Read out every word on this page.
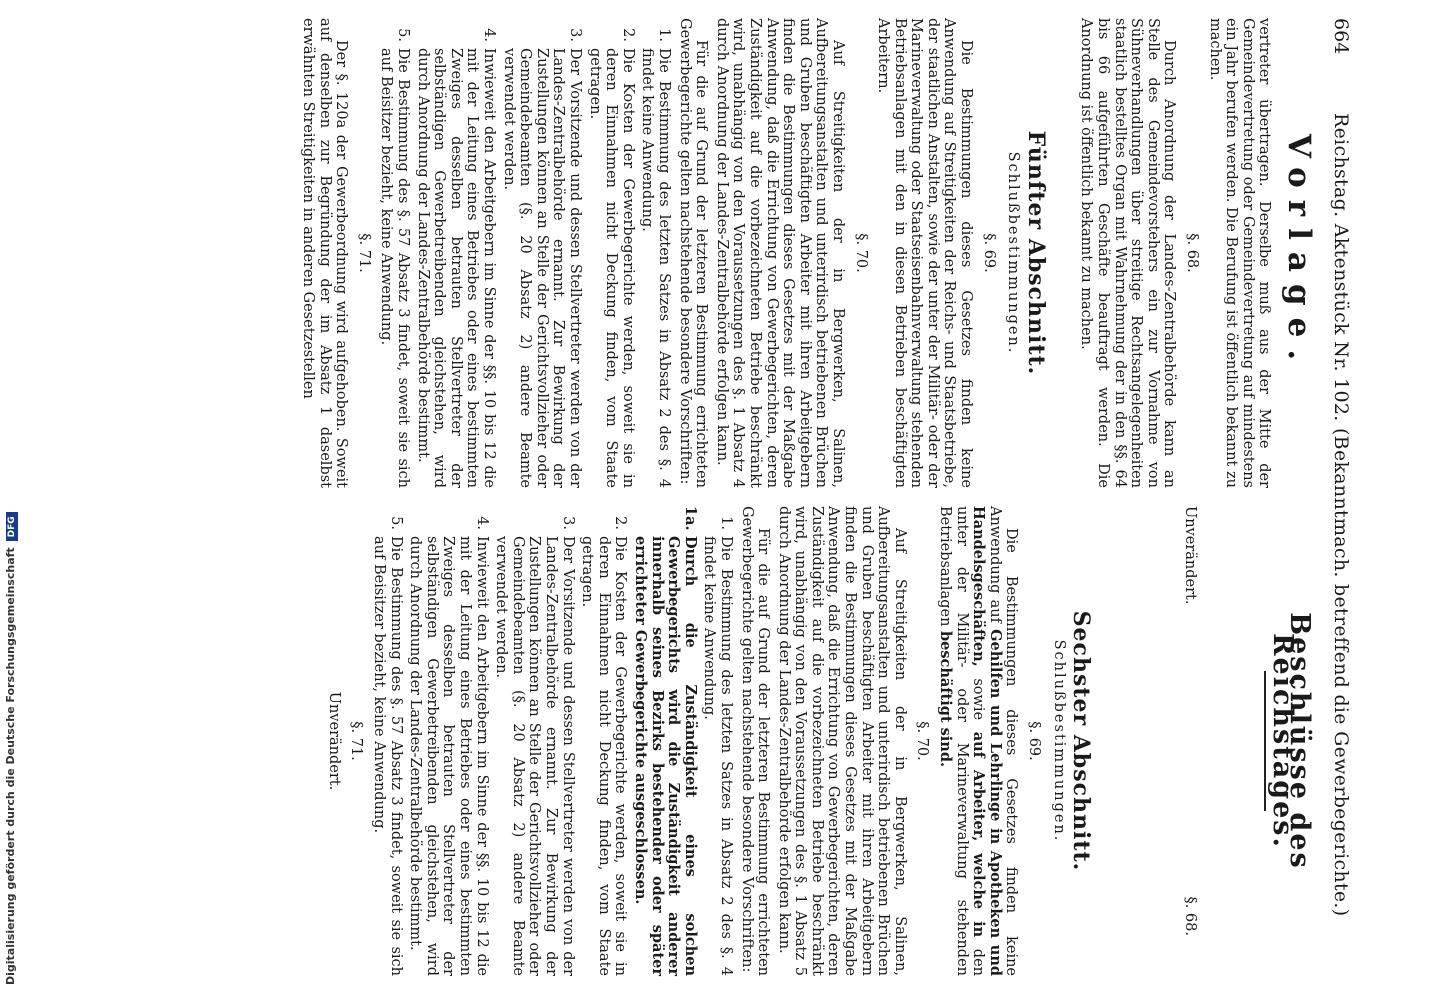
664
Reichstag. Aktenstück Nr. 102. (Bekanntmach. betreffend die Gewerbegerichte.)
Vorlage.

vertreter übertragen. Derselbe muß aus der Mitte der Gemeindevertretung oder Gemeindevertretung auf mindestens ein Jahr berufen werden. Die Berufung ist öffentlich bekannt zu machen.

§. 68.

Durch Anordnung der Landes-Zentralbehörde kann an Stelle des Gemeindevorstehers ein zur Vornahme von Sühneverhandlungen über streitige Rechtsangelegenheiten staatlich bestelltes Organ mit Wahrnehmung der in den §§. 64 bis 66 aufgeführten Geschäfte beauftragt werden. Die Anordnung ist öffentlich bekannt zu machen.

Fünfter Abschnitt.
Schlußbestimmungen.
§. 69.

Die Bestimmungen dieses Gesetzes finden keine Anwendung auf Streitigkeiten der Reichs- und Staatsbetriebe, der staatlichen Anstalten, sowie der unter der Militär- oder der Marineverwaltung oder Staatseisenbahnverwaltung stehenden Betriebsanlagen mit den in diesen Betrieben beschäftigten Arbeitern.

§. 70.

Auf Streitigkeiten der in Bergwerken, Salinen, Aufbereitungsanstalten und unterirdisch betriebenen Brüchen und Gruben beschäftigten Arbeiter mit ihren Arbeitgebern finden die Bestimmungen dieses Gesetzes mit der Maßgabe Anwendung, daß die Errichtung von Gewerbegerichten, deren Zuständigkeit auf die vorbezeichneten Betriebe beschränkt wird, unabhängig von den Voraussetzungen des §. 1 Absatz 4 durch Anordnung der Landes-Zentralbehörde erfolgen kann.

Für die auf Grund der letzteren Bestimmung errichteten Gewerbegerichte gelten nachstehende besondere Vorschriften:

1.
Die Bestimmung des letzten Satzes in Absatz 2 des §. 4 findet keine Anwendung.
2.
Die Kosten der Gewerbegerichte werden, soweit sie in deren Einnahmen nicht Deckung finden, vom Staate getragen.
3.
Der Vorsitzende und dessen Stellvertreter werden von der Landes-Zentralbehörde ernannt. Zur Bewirkung der Zustellungen können an Stelle der Gerichtsvollzieher oder Gemeindebeamten (§. 20 Absatz 2) andere Beamte verwendet werden.
4.
Inwieweit den Arbeitgebern im Sinne der §§. 10 bis 12 die mit der Leitung eines Betriebes oder eines bestimmten Zweiges desselben betrauten Stellvertreter der selbständigen Gewerbetreibenden gleichstehen, wird durch Anordnung der Landes-Zentralbehörde bestimmt.
5.
Die Bestimmung des §. 57 Absatz 3 findet, soweit sie sich auf Beisitzer bezieht, keine Anwendung.
§. 71.

Der §. 120a der Gewerbeordnung wird aufgehoben. Soweit auf denselben zur Begründung der im Absatz 1 daselbst erwähnten Streitigkeiten in anderen Gesetzestellen

Beschlüsse des Reichstages.
Unverändert.
§. 68.
Sechster Abschnitt.
Schlußbestimmungen.
§. 69.

Die Bestimmungen dieses Gesetzes finden keine Anwendung auf Gehilfen und Lehrlinge in Apotheken und Handelsgeschäften, sowie auf Arbeiter, welche in den unter der Militär- oder Marineverwaltung stehenden Betriebsanlagen beschäftigt sind.

§. 70.

Auf Streitigkeiten der in Bergwerken, Salinen, Aufbereitungsanstalten und unterirdisch betriebenen Brüchen und Gruben beschäftigten Arbeiter mit ihren Arbeitgebern finden die Bestimmungen dieses Gesetzes mit der Maßgabe Anwendung, daß die Errichtung von Gewerbegerichten, deren Zuständigkeit auf die vorbezeichneten Betriebe beschränkt wird, unabhängig von den Voraussetzungen des §. 1 Absatz 5 durch Anordnung der Landes-Zentralbehörde erfolgen kann.

Für die auf Grund der letzteren Bestimmung errichteten Gewerbegerichte gelten nachstehende besondere Vorschriften:

1.
Die Bestimmung des letzten Satzes in Absatz 2 des §. 4 findet keine Anwendung.
1a.
Durch die Zuständigkeit eines solchen Gewerbegerichts wird die Zuständigkeit anderer innerhalb seines Bezirks bestehender oder später errichteter Gewerbegerichte ausgeschlossen.
2.
Die Kosten der Gewerbegerichte werden, soweit sie in deren Einnahmen nicht Deckung finden, vom Staate getragen.
3.
Der Vorsitzende und dessen Stellvertreter werden von der Landes-Zentralbehörde ernannt. Zur Bewirkung der Zustellungen können an Stelle der Gerichtsvollzieher oder Gemeindebeamten (§. 20 Absatz 2) andere Beamte verwendet werden.
4.
Inwieweit den Arbeitgebern im Sinne der §§. 10 bis 12 die mit der Leitung eines Betriebes oder eines bestimmten Zweiges desselben betrauten Stellvertreter der selbständigen Gewerbetreibenden gleichstehen, wird durch Anordnung der Landes-Zentralbehörde bestimmt.
5.
Die Bestimmung des §. 57 Absatz 3 findet, soweit sie sich auf Beisitzer bezieht, keine Anwendung.
§. 71.
Unverändert.
Digitalisierung gefördert durch die Deutsche ForschungsgemeinschaftDFG
